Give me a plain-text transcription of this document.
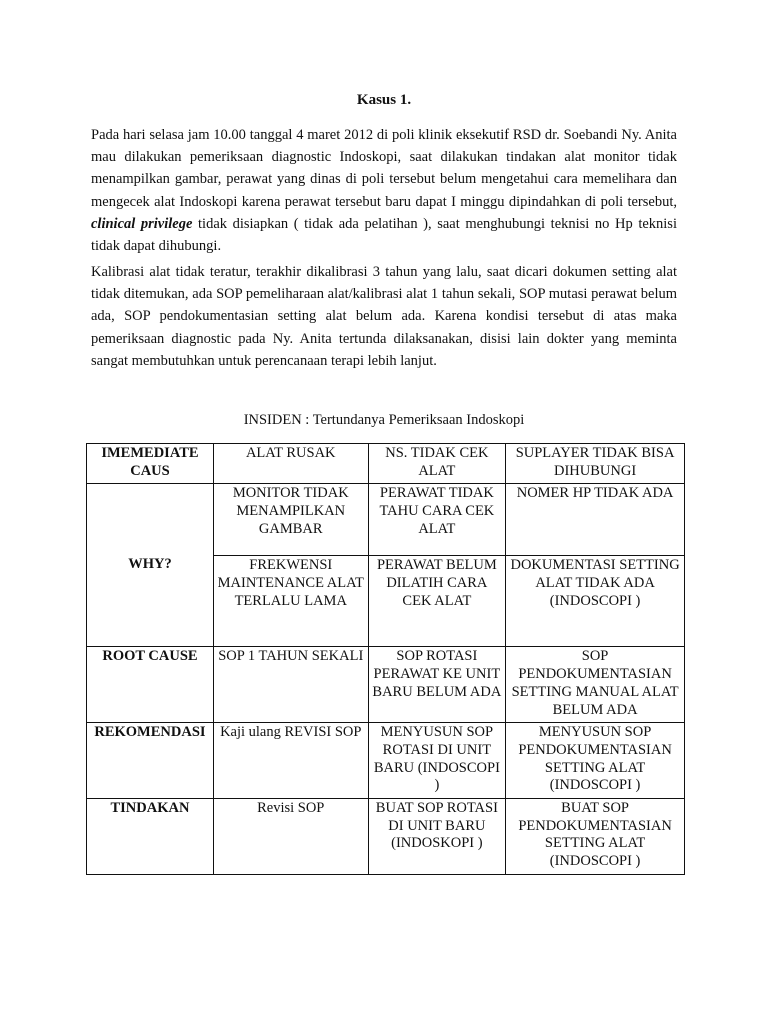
Kasus 1.

Pada hari selasa jam 10.00 tanggal 4 maret 2012 di poli klinik eksekutif RSD dr. Soebandi Ny. Anita mau dilakukan pemeriksaan diagnostic Indoskopi, saat dilakukan tindakan alat monitor tidak menampilkan gambar, perawat yang dinas di poli tersebut belum mengetahui cara memelihara dan mengecek alat Indoskopi karena perawat tersebut baru dapat I minggu dipindahkan di poli tersebut, clinical privilege tidak disiapkan ( tidak ada pelatihan ), saat menghubungi teknisi no Hp teknisi tidak dapat dihubungi.

Kalibrasi alat tidak teratur, terakhir dikalibrasi 3 tahun yang lalu, saat dicari dokumen setting alat tidak ditemukan, ada SOP pemeliharaan alat/kalibrasi alat 1 tahun sekali, SOP mutasi perawat belum ada, SOP pendokumentasian setting alat belum ada. Karena kondisi tersebut di atas maka pemeriksaan diagnostic pada Ny. Anita tertunda dilaksanakan, disisi lain dokter yang meminta sangat membutuhkan untuk perencanaan terapi lebih lanjut.

INSIDEN : Tertundanya Pemeriksaan Indoskopi
IMEMEDIATE CAUS	ALAT RUSAK	NS. TIDAK CEK ALAT	SUPLAYER TIDAK BISA DIHUBUNGI
WHY?	MONITOR TIDAK MENAMPILKAN GAMBAR	PERAWAT TIDAK TAHU CARA CEK ALAT	NOMER HP TIDAK ADA
	FREKWENSI MAINTENANCE ALAT TERLALU LAMA	PERAWAT BELUM DILATIH CARA CEK ALAT	DOKUMENTASI SETTING ALAT TIDAK ADA (INDOSCOPI )
ROOT CAUSE	SOP 1 TAHUN SEKALI	SOP ROTASI PERAWAT KE UNIT BARU BELUM ADA	SOP PENDOKUMENTASIAN SETTING MANUAL ALAT BELUM ADA
REKOMENDASI	Kaji ulang REVISI SOP	MENYUSUN SOP ROTASI DI UNIT BARU (INDOSCOPI )	MENYUSUN SOP PENDOKUMENTASIAN SETTING ALAT (INDOSCOPI )
TINDAKAN	Revisi SOP	BUAT SOP ROTASI DI UNIT BARU (INDOSKOPI )	BUAT SOP PENDOKUMENTASIAN SETTING ALAT (INDOSCOPI )
